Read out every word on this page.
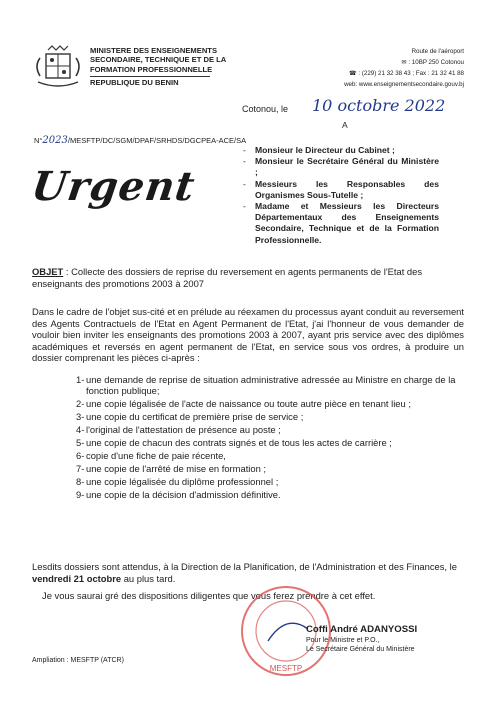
MINISTERE DES ENSEIGNEMENTS
SECONDAIRE, TECHNIQUE ET DE LA
FORMATION PROFESSIONNELLE
REPUBLIQUE DU BENIN
Route de l'aéroport
✉ : 10BP 250 Cotonou
☎ : (229) 21 32 38 43 ; Fax : 21 32 41 88
web: www.enseignementsecondaire.gouv.bj
Cotonou, le 10 octobre 2022
A
N°2023/MESFTP/DC/SGM/DPAF/SRHDS/DGCPEA-ACE/SA
Urgent
-	Monsieur le Directeur du Cabinet ;
-	Monsieur le Secrétaire Général du Ministère ;
-	Messieurs les Responsables des Organismes Sous-Tutelle ;
-	Madame et Messieurs les Directeurs Départementaux des Enseignements Secondaire, Technique et de la Formation Professionnelle.
OBJET : Collecte des dossiers de reprise du reversement en agents permanents de l'Etat des enseignants des promotions 2003 à 2007
Dans le cadre de l'objet sus-cité et en prélude au réexamen du processus ayant conduit au reversement des Agents Contractuels de l'Etat en Agent Permanent de l'Etat, j'ai l'honneur de vous demander de vouloir bien inviter les enseignants des promotions 2003 à 2007, ayant pris service avec des diplômes académiques et reversés en agent permanent de l'Etat, en service sous vos ordres, à produire un dossier comprenant les pièces ci-après :
1- une demande de reprise de situation administrative adressée au Ministre en charge de la fonction publique;
2- une copie légalisée de l'acte de naissance ou toute autre pièce en tenant lieu ;
3- une copie du certificat de première prise de service ;
4- l'original de l'attestation de présence au poste ;
5- une copie de chacun des contrats signés et de tous les actes de carrière ;
6- copie d'une fiche de paie récente,
7- une copie de l'arrêté de mise en formation ;
8- une copie légalisée du diplôme professionnel ;
9- une copie de la décision d'admission définitive.
Lesdits dossiers sont attendus, à la Direction de la Planification, de l'Administration et des Finances, le vendredi 21 octobre au plus tard.
Je vous saurai gré des dispositions diligentes que vous ferez prendre à cet effet.
MESFTP
Coffi André ADANYOSSI
Pour le Ministre et P.O.,
Le Secrétaire Général du Ministère
Ampliation : MESFTP (ATCR)
